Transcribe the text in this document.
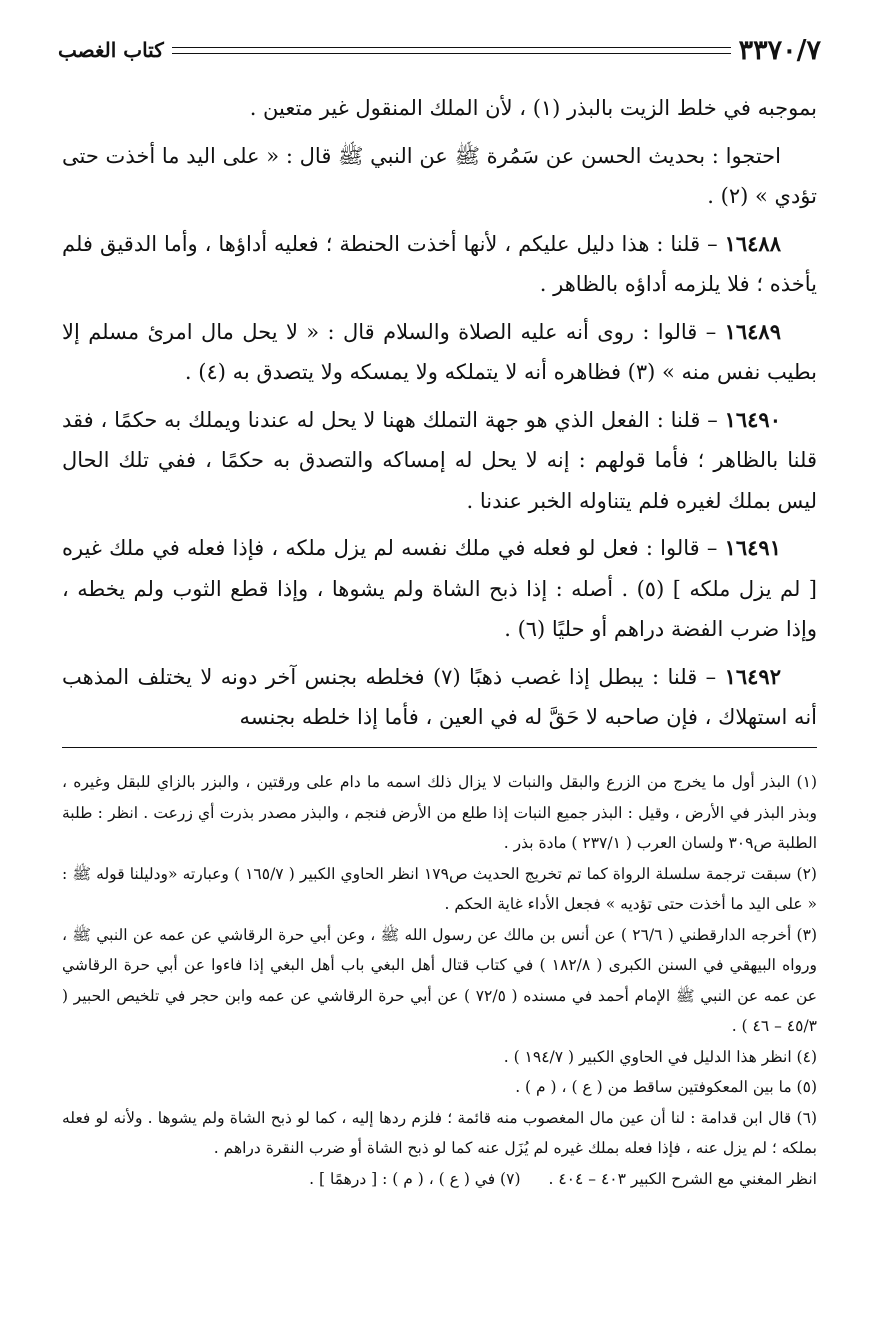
٣٣٧٠/٧
كتاب الغصب

بموجبه في خلط الزيت بالبذر (١) ، لأن الملك المنقول غير متعين .

احتجوا : بحديث الحسن عن سَمُرة ﷺ عن النبي ﷺ قال : « على اليد ما أخذت حتى تؤدي » (٢) .

١٦٤٨٨ – قلنا : هذا دليل عليكم ، لأنها أخذت الحنطة ؛ فعليه أداؤها ، وأما الدقيق فلم يأخذه ؛ فلا يلزمه أداؤه بالظاهر .

١٦٤٨٩ – قالوا : روى أنه عليه الصلاة والسلام قال : « لا يحل مال امرئ مسلم إلا بطيب نفس منه » (٣) فظاهره أنه لا يتملكه ولا يمسكه ولا يتصدق به (٤) .

١٦٤٩٠ – قلنا : الفعل الذي هو جهة التملك ههنا لا يحل له عندنا ويملك به حكمًا ، فقد قلنا بالظاهر ؛ فأما قولهم : إنه لا يحل له إمساكه والتصدق به حكمًا ، ففي تلك الحال ليس بملك لغيره فلم يتناوله الخبر عندنا .

١٦٤٩١ – قالوا : فعل لو فعله في ملك نفسه لم يزل ملكه ، فإذا فعله في ملك غيره [ لم يزل ملكه ] (٥) . أصله : إذا ذبح الشاة ولم يشوها ، وإذا قطع الثوب ولم يخطه ، وإذا ضرب الفضة دراهم أو حليًا (٦) .

١٦٤٩٢ – قلنا : يبطل إذا غصب ذهبًا (٧) فخلطه بجنس آخر دونه لا يختلف المذهب أنه استهلاك ، فإن صاحبه لا حَقَّ له في العين ، فأما إذا خلطه بجنسه

(١) البذر أول ما يخرج من الزرع والبقل والنبات لا يزال ذلك اسمه ما دام على ورقتين ، والبزر بالزاي للبقل وغيره ، وبذر البذر في الأرض ، وقيل : البذر جميع النبات إذا طلع من الأرض فنجم ، والبذر مصدر بذرت أي زرعت . انظر : طلبة الطلبة ص٣٠٩ ولسان العرب ( ٢٣٧/١ ) مادة بذر .

(٢) سبقت ترجمة سلسلة الرواة كما تم تخريج الحديث ص١٧٩ انظر الحاوي الكبير ( ١٦٥/٧ ) وعبارته «ودليلنا قوله ﷺ : « على اليد ما أخذت حتى تؤديه » فجعل الأداء غاية الحكم .

(٣) أخرجه الدارقطني ( ٢٦/٦ ) عن أنس بن مالك عن رسول الله ﷺ ، وعن أبي حرة الرقاشي عن عمه عن النبي ﷺ ، ورواه البيهقي في السنن الكبرى ( ١٨٢/٨ ) في كتاب قتال أهل البغي باب أهل البغي إذا فاءوا عن أبي حرة الرقاشي عن عمه عن النبي ﷺ الإمام أحمد في مسنده ( ٧٢/٥ ) عن أبي حرة الرقاشي عن عمه وابن حجر في تلخيص الحبير ( ٤٥/٣ – ٤٦ ) .

(٤) انظر هذا الدليل في الحاوي الكبير ( ١٩٤/٧ ) .

(٥) ما بين المعكوفتين ساقط من ( ع ) ، ( م ) .

(٦) قال ابن قدامة : لنا أن عين مال المغصوب منه قائمة ؛ فلزم ردها إليه ، كما لو ذبح الشاة ولم يشوها . ولأنه لو فعله بملكه ؛ لم يزل عنه ، فإذا فعله بملك غيره لم يُزَل عنه كما لو ذبح الشاة أو ضرب النقرة دراهم .

انظر المغني مع الشرح الكبير ٤٠٣ – ٤٠٤ .
(٧) في ( ع ) ، ( م ) : [ درهمًا ] .
